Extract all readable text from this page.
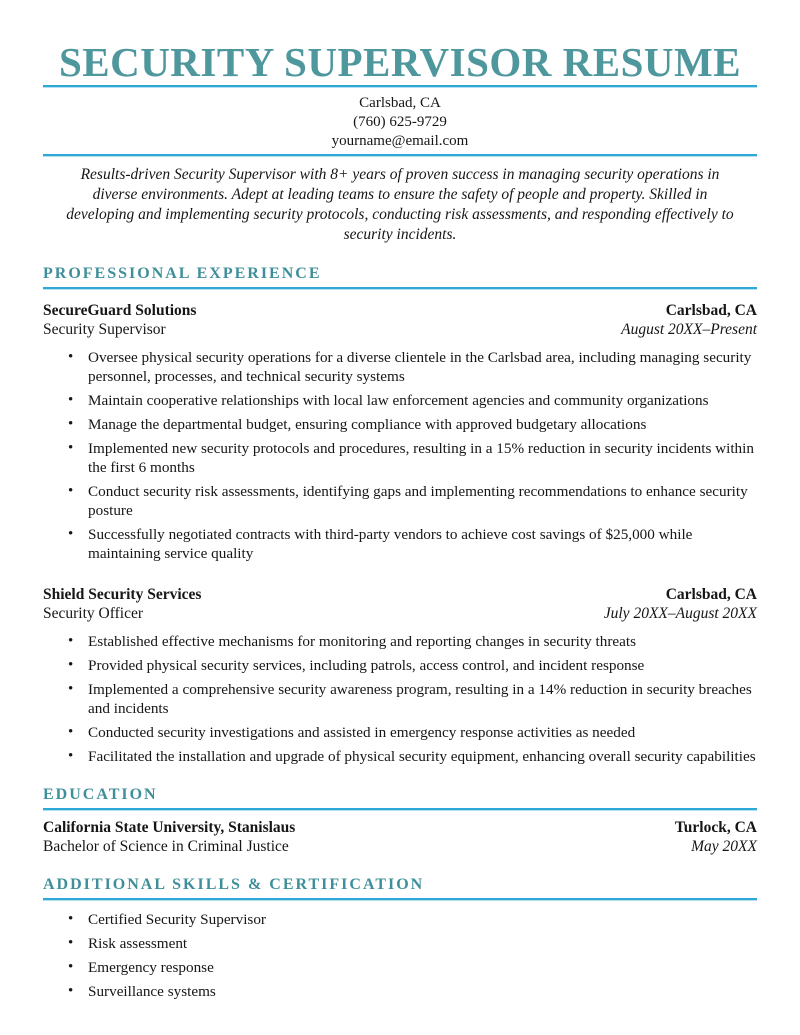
SECURITY SUPERVISOR RESUME
Carlsbad, CA
(760) 625-9729
yourname@email.com
Results-driven Security Supervisor with 8+ years of proven success in managing security operations in diverse environments. Adept at leading teams to ensure the safety of people and property. Skilled in developing and implementing security protocols, conducting risk assessments, and responding effectively to security incidents.
PROFESSIONAL EXPERIENCE
SecureGuard Solutions	Carlsbad, CA
Security Supervisor	August 20XX–Present
• Oversee physical security operations for a diverse clientele in the Carlsbad area, including managing security personnel, processes, and technical security systems
• Maintain cooperative relationships with local law enforcement agencies and community organizations
• Manage the departmental budget, ensuring compliance with approved budgetary allocations
• Implemented new security protocols and procedures, resulting in a 15% reduction in security incidents within the first 6 months
• Conduct security risk assessments, identifying gaps and implementing recommendations to enhance security posture
• Successfully negotiated contracts with third-party vendors to achieve cost savings of $25,000 while maintaining service quality
Shield Security Services	Carlsbad, CA
Security Officer	July 20XX–August 20XX
• Established effective mechanisms for monitoring and reporting changes in security threats
• Provided physical security services, including patrols, access control, and incident response
• Implemented a comprehensive security awareness program, resulting in a 14% reduction in security breaches and incidents
• Conducted security investigations and assisted in emergency response activities as needed
• Facilitated the installation and upgrade of physical security equipment, enhancing overall security capabilities
EDUCATION
California State University, Stanislaus	Turlock, CA
Bachelor of Science in Criminal Justice	May 20XX
ADDITIONAL SKILLS & CERTIFICATION
• Certified Security Supervisor
• Risk assessment
• Emergency response
• Surveillance systems
